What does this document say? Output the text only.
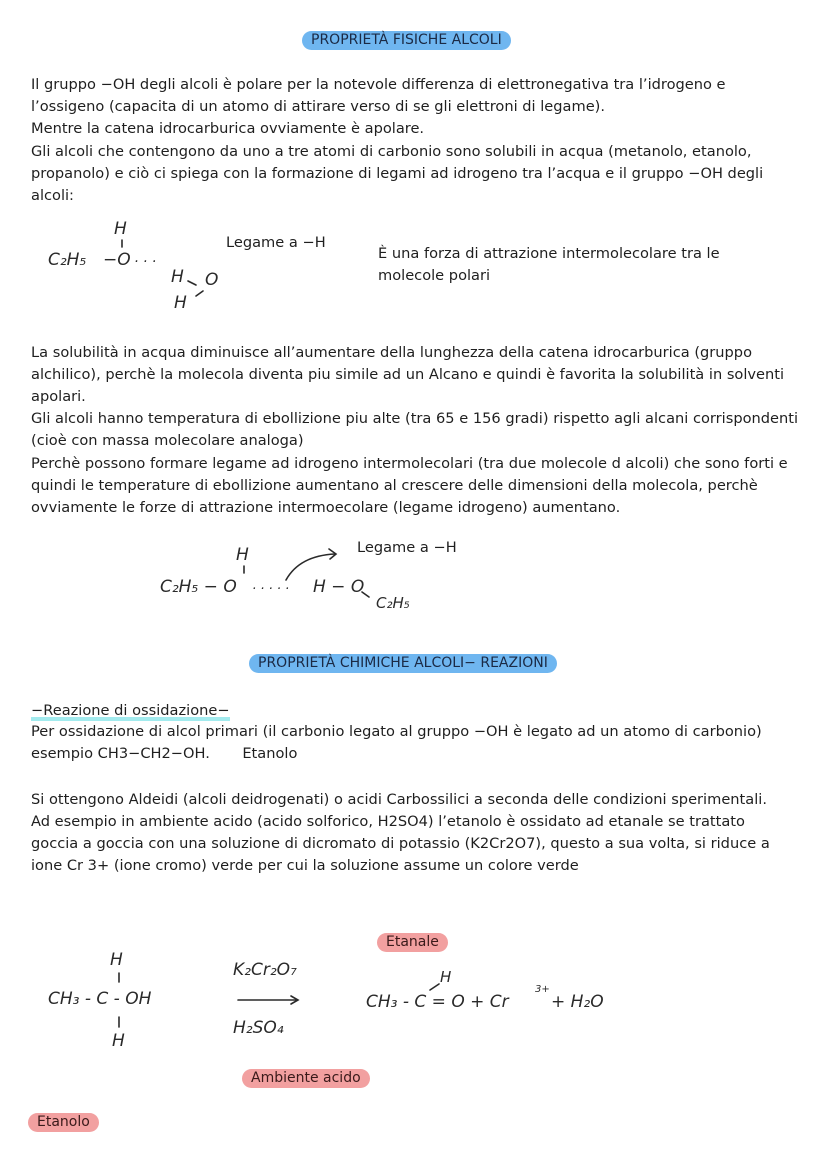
PROPRIETÀ FISICHE ALCOLI
Il gruppo −OH degli alcoli è polare per la notevole differenza di elettronegativa tra l’idrogeno e
l’ossigeno (capacita di un atomo di attirare verso di se gli elettroni di legame).
Mentre la catena idrocarburica ovviamente è apolare.
Gli alcoli che contengono da uno a tre atomi di carbonio sono solubili in acqua (metanolo, etanolo,
propanolo) e ciò ci spiega con la formazione di legami ad idrogeno tra l’acqua e il gruppo −OH degli
alcoli:
C₂H₅ −O
H
· · ·
H O
H
Legame a −H
È una forza di attrazione intermolecolare tra le
molecole polari
La solubilità in acqua diminuisce all’aumentare della lunghezza della catena idrocarburica (gruppo
alchilico), perchè la molecola diventa piu simile ad un Alcano e quindi è favorita la solubilità in solventi
apolari.
Gli alcoli hanno temperatura di ebollizione piu alte (tra 65 e 156 gradi) rispetto agli alcani corrispondenti
(cioè con massa molecolare analoga)
Perchè possono formare legame ad idrogeno intermolecolari (tra due molecole d alcoli) che sono forti e
quindi le temperature di ebollizione aumentano al crescere delle dimensioni della molecola, perchè
ovviamente le forze di attrazione intermoecolare (legame idrogeno) aumentano.
C₂H₅ − O
H
· · · · · H − O
C₂H₅
Legame a −H
PROPRIETÀ CHIMICHE ALCOLI− REAZIONI
−Reazione di ossidazione−
Per ossidazione di alcol primari (il carbonio legato al gruppo −OH è legato ad un atomo di carbonio)
esempio CH3−CH2−OH.       Etanolo
Si ottengono Aldeidi (alcoli deidrogenati) o acidi Carbossilici a seconda delle condizioni sperimentali.
Ad esempio in ambiente acido (acido solforico, H2SO4) l’etanolo è ossidato ad etanale se trattato
goccia a goccia con una soluzione di dicromato di potassio (K2Cr2O7), questo a sua volta, si riduce a
ione Cr 3+ (ione cromo) verde per cui la soluzione assume un colore verde
Etanale
H
CH₃ - C - OH
H
K₂Cr₂O₇
H₂SO₄
H
CH₃ - C = O + Cr
3+
+ H₂O
Ambiente acido
Etanolo
